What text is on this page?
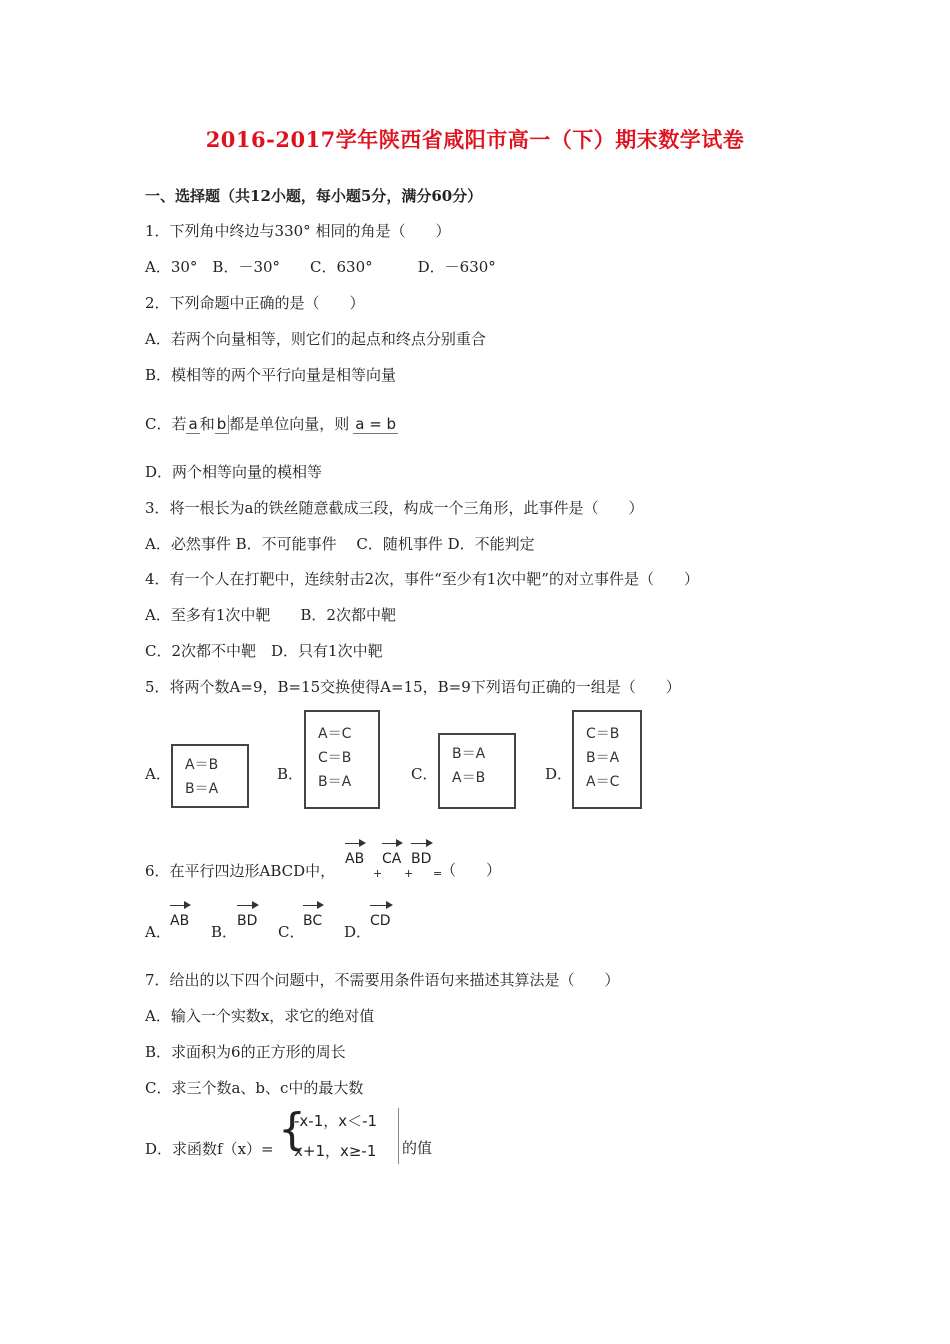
2016-2017学年陕西省咸阳市高一（下）期末数学试卷
一、选择题（共12小题，每小题5分，满分60分）
1．下列角中终边与330° 相同的角是（　　）
A．30°　B．－30°　　C．630°　　　D．－630°
2．下列命题中正确的是（　　）
A．若两个向量相等，则它们的起点和终点分别重合
B．模相等的两个平行向量是相等向量
C．若 a 和 b 都是单位向量，则 a = b
D．两个相等向量的模相等
3．将一根长为a的铁丝随意截成三段，构成一个三角形，此事件是（　　）
A．必然事件 B．不可能事件　 C．随机事件 D．不能判定
4．有一个人在打靶中，连续射击2次，事件“至少有1次中靶”的对立事件是（　　）
A．至多有1次中靶　　B．2次都中靶
C．2次都不中靶　D．只有1次中靶
5．将两个数A=9，B=15交换使得A=15，B=9下列语句正确的一组是（　　）
A． A＝B
B＝A
B．
A＝C
C＝B
B＝A	C．
B＝A
A＝B	D．
C＝B
B＝A
A＝C
6．在平行四边形ABCD中，
AB
+
CA
+
BD
=
（　　）
A．
AB
B．
BD
C．
BC
D．
CD
7．给出的以下四个问题中，不需要用条件语句来描述其算法是（　　）
A．输入一个实数x，求它的绝对值
B．求面积为6的正方形的周长
C．求三个数a、b、c中的最大数
D．求函数f（x）= {
-x-1，x＜-1
x+1，x≥-1 的值
